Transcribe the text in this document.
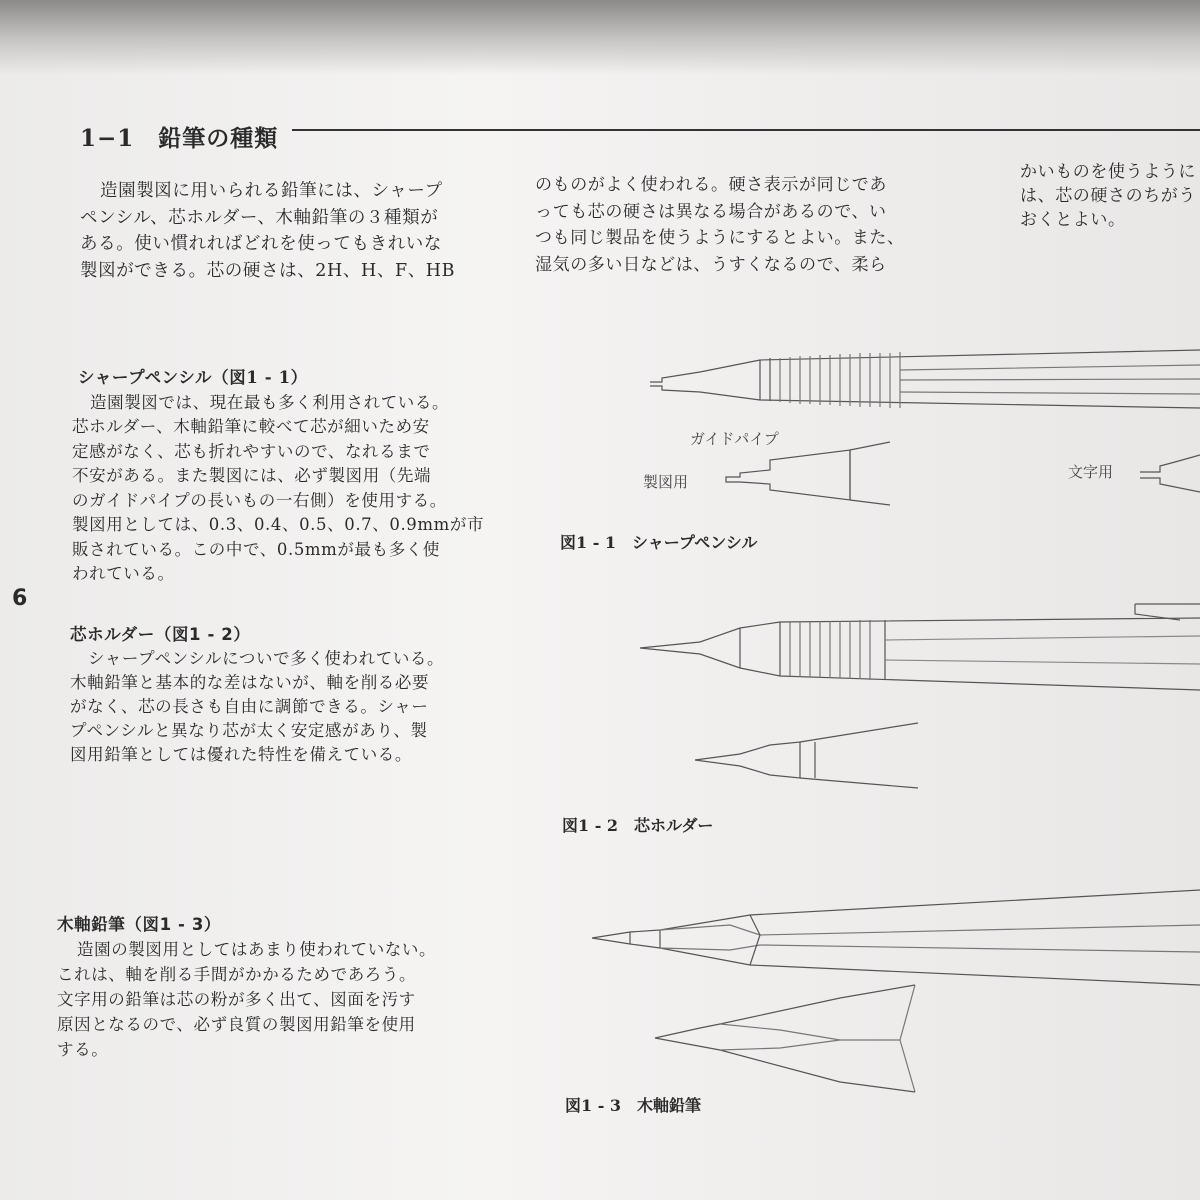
1−1　鉛筆の種類
造園製図に用いられる鉛筆には、シャープ
ペンシル、芯ホルダー、木軸鉛筆の３種類が
ある。使い慣れればどれを使ってもきれいな
製図ができる。芯の硬さは、2H、H、F、HB
のものがよく使われる。硬さ表示が同じであ
っても芯の硬さは異なる場合があるので、い
つも同じ製品を使うようにするとよい。また、
湿気の多い日などは、うすくなるので、柔ら
かいものを使うように
は、芯の硬さのちがう
おくとよい。
シャープペンシル（図1 - 1）
造園製図では、現在最も多く利用されている。
芯ホルダー、木軸鉛筆に較べて芯が細いため安
定感がなく、芯も折れやすいので、なれるまで
不安がある。また製図には、必ず製図用（先端
のガイドパイプの長いもの一右側）を使用する。
製図用としては、0.3、0.4、0.5、0.7、0.9mmが市
販されている。この中で、0.5mmが最も多く使
われている。
6
芯ホルダー（図1 - 2）
シャープペンシルについで多く使われている。
木軸鉛筆と基本的な差はないが、軸を削る必要
がなく、芯の長さも自由に調節できる。シャー
プペンシルと異なり芯が太く安定感があり、製
図用鉛筆としては優れた特性を備えている。
木軸鉛筆（図1 - 3）
造園の製図用としてはあまり使われていない。
これは、軸を削る手間がかかるためであろう。
文字用の鉛筆は芯の粉が多く出て、図面を汚す
原因となるので、必ず良質の製図用鉛筆を使用
する。
ガイドパイプ
製図用
文字用
図1 - 1　シャープペンシル
図1 - 2　芯ホルダー
図1 - 3　木軸鉛筆
